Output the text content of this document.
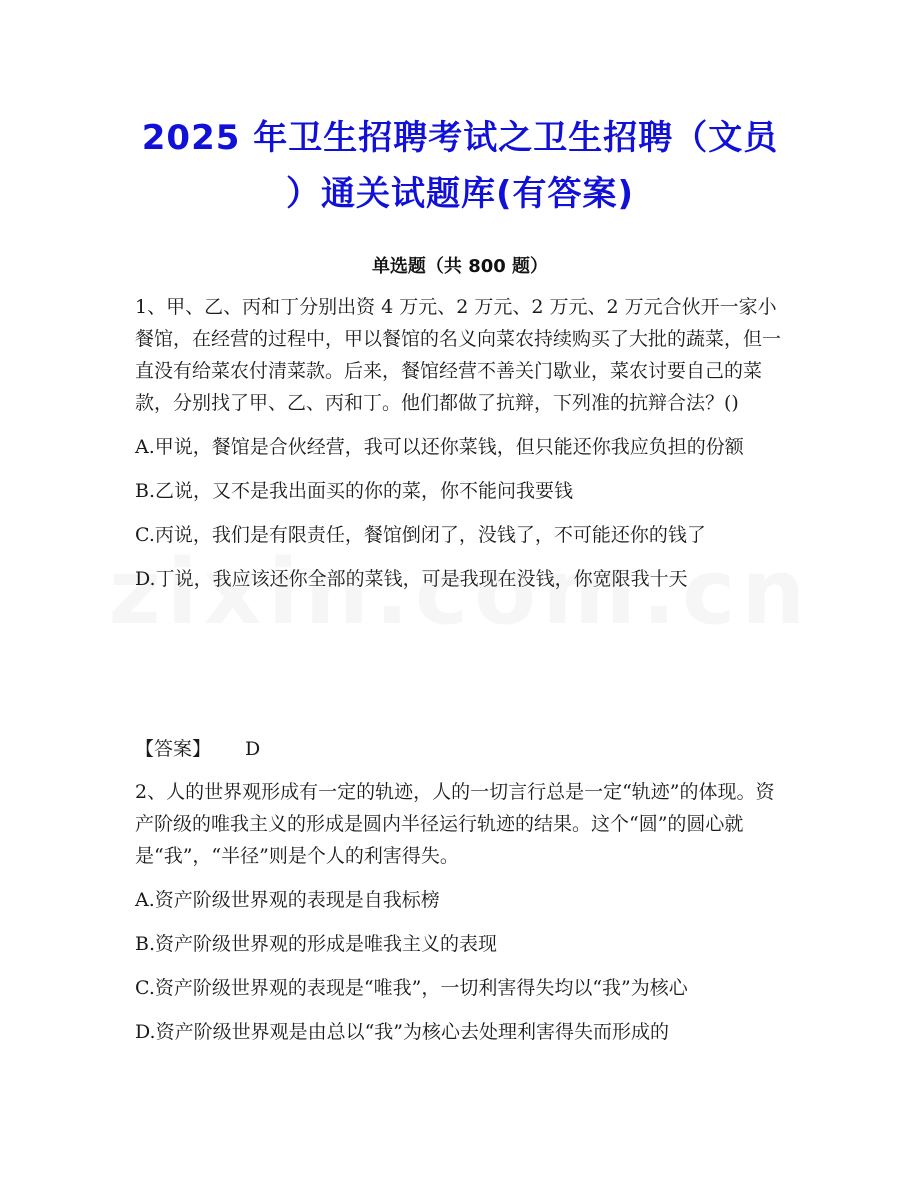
2025 年卫生招聘考试之卫生招聘（文员
）通关试题库(有答案)
单选题（共 800 题）
1、甲、乙、丙和丁分别出资 4 万元、2 万元、2 万元、2 万元合伙开一家小餐馆，在经营的过程中，甲以餐馆的名义向菜农持续购买了大批的蔬菜，但一直没有给菜农付清菜款。后来，餐馆经营不善关门歇业，菜农讨要自己的菜款，分别找了甲、乙、丙和丁。他们都做了抗辩，下列准的抗辩合法？()
A.甲说，餐馆是合伙经营，我可以还你菜钱，但只能还你我应负担的份额
B.乙说，又不是我出面买的你的菜，你不能问我要钱
C.丙说，我们是有限责任，餐馆倒闭了，没钱了，不可能还你的钱了
D.丁说，我应该还你全部的菜钱，可是我现在没钱，你宽限我十天
【答案】 D
2、人的世界观形成有一定的轨迹，人的一切言行总是一定“轨迹”的体现。资产阶级的唯我主义的形成是圆内半径运行轨迹的结果。这个“圆”的圆心就是“我”，“半径”则是个人的利害得失。
A.资产阶级世界观的表现是自我标榜
B.资产阶级世界观的形成是唯我主义的表现
C.资产阶级世界观的表现是“唯我”，一切利害得失均以“我”为核心
D.资产阶级世界观是由总以“我”为核心去处理利害得失而形成的
